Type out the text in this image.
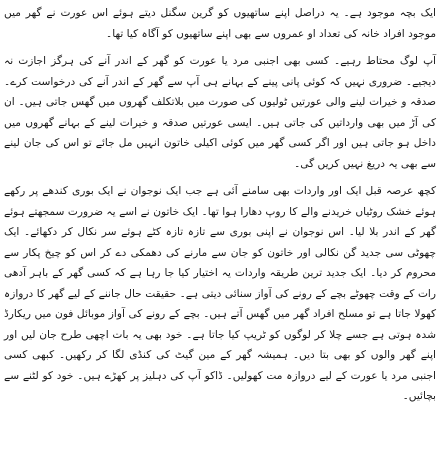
ایک بچہ موجود ہے۔ یہ دراصل اپنے ساتھیوں کو گرین سگنل دیتے ہوئے اس عورت نے گھر میں موجود افراد خانہ کی تعداد او عمروں سے بھی اپنے ساتھیوں کو آگاہ کیا تھا۔

آپ لوگ محتاط رہیے۔ کسی بھی اجنبی مرد یا عورت کو گھر کے اندر آنے کی ہرگز اجازت نہ دیجیے۔ ضروری نہیں کہ کوئی پانی پینے کے بہانے ہی آپ سے گھر کے اندر آنے کی درخواست کرے۔ صدقہ و خیرات لینے والی عورتیں ٹولیوں کی صورت میں بلاتکلف گھروں میں گھس جاتی ہیں۔ ان کی آڑ میں بھی وارداتیں کی جاتی ہیں۔ ایسی عورتیں صدقہ و خیرات لینے کے بہانے گھروں میں داخل ہو جاتی ہیں اور اگر کسی گھر میں کوئی اکیلی خاتون انہیں مل جائے تو اس کی جان لینے سے بھی یہ دریغ نہیں کریں گی۔

کچھ عرصہ قبل ایک اور واردات بھی سامنے آئی ہے جب ایک نوجوان نے ایک بوری کندھے پر رکھے ہوئے خشک روٹیاں خریدنے والے کا روپ دھارا ہوا تھا۔ ایک خاتون نے اسے یہ ضرورت سمجھتے ہوئے گھر کے اندر بلا لیا۔ اس نوجوان نے اپنی بوری سے تازہ تازہ کٹے ہوئے سر نکال کر دکھائے۔ ایک چھوٹی سی جدید گن نکالی اور خاتون کو جان سے مارنے کی دھمکی دے کر اس کو چیخ پکار سے محروم کر دیا۔ ایک جدید ترین طریقہ واردات یہ اختیار کیا جا رہا ہے کہ کسی گھر کے باہر آدھی رات کے وقت چھوٹے بچے کے رونے کی آواز سنائی دیتی ہے۔ حقیقت حال جاننے کے لیے گھر کا دروازہ کھولا جاتا ہے تو مسلح افراد گھر میں گھس آتے ہیں۔ بچے کے رونے کی آواز موبائل فون میں ریکارڈ شدہ ہوتی ہے جسے چلا کر لوگوں کو ٹریپ کیا جاتا ہے۔ خود بھی یہ بات اچھی طرح جان لیں اور اپنے گھر والوں کو بھی بتا دیں۔ ہمیشہ گھر کے مین گیٹ کی کنڈی لگا کر رکھیں۔ کبھی کسی اجنبی مرد یا عورت کے لیے دروازہ مت کھولیں۔ ڈاکو آپ کی دہلیز پر کھڑے ہیں۔ خود کو لٹنے سے بچائیں۔
